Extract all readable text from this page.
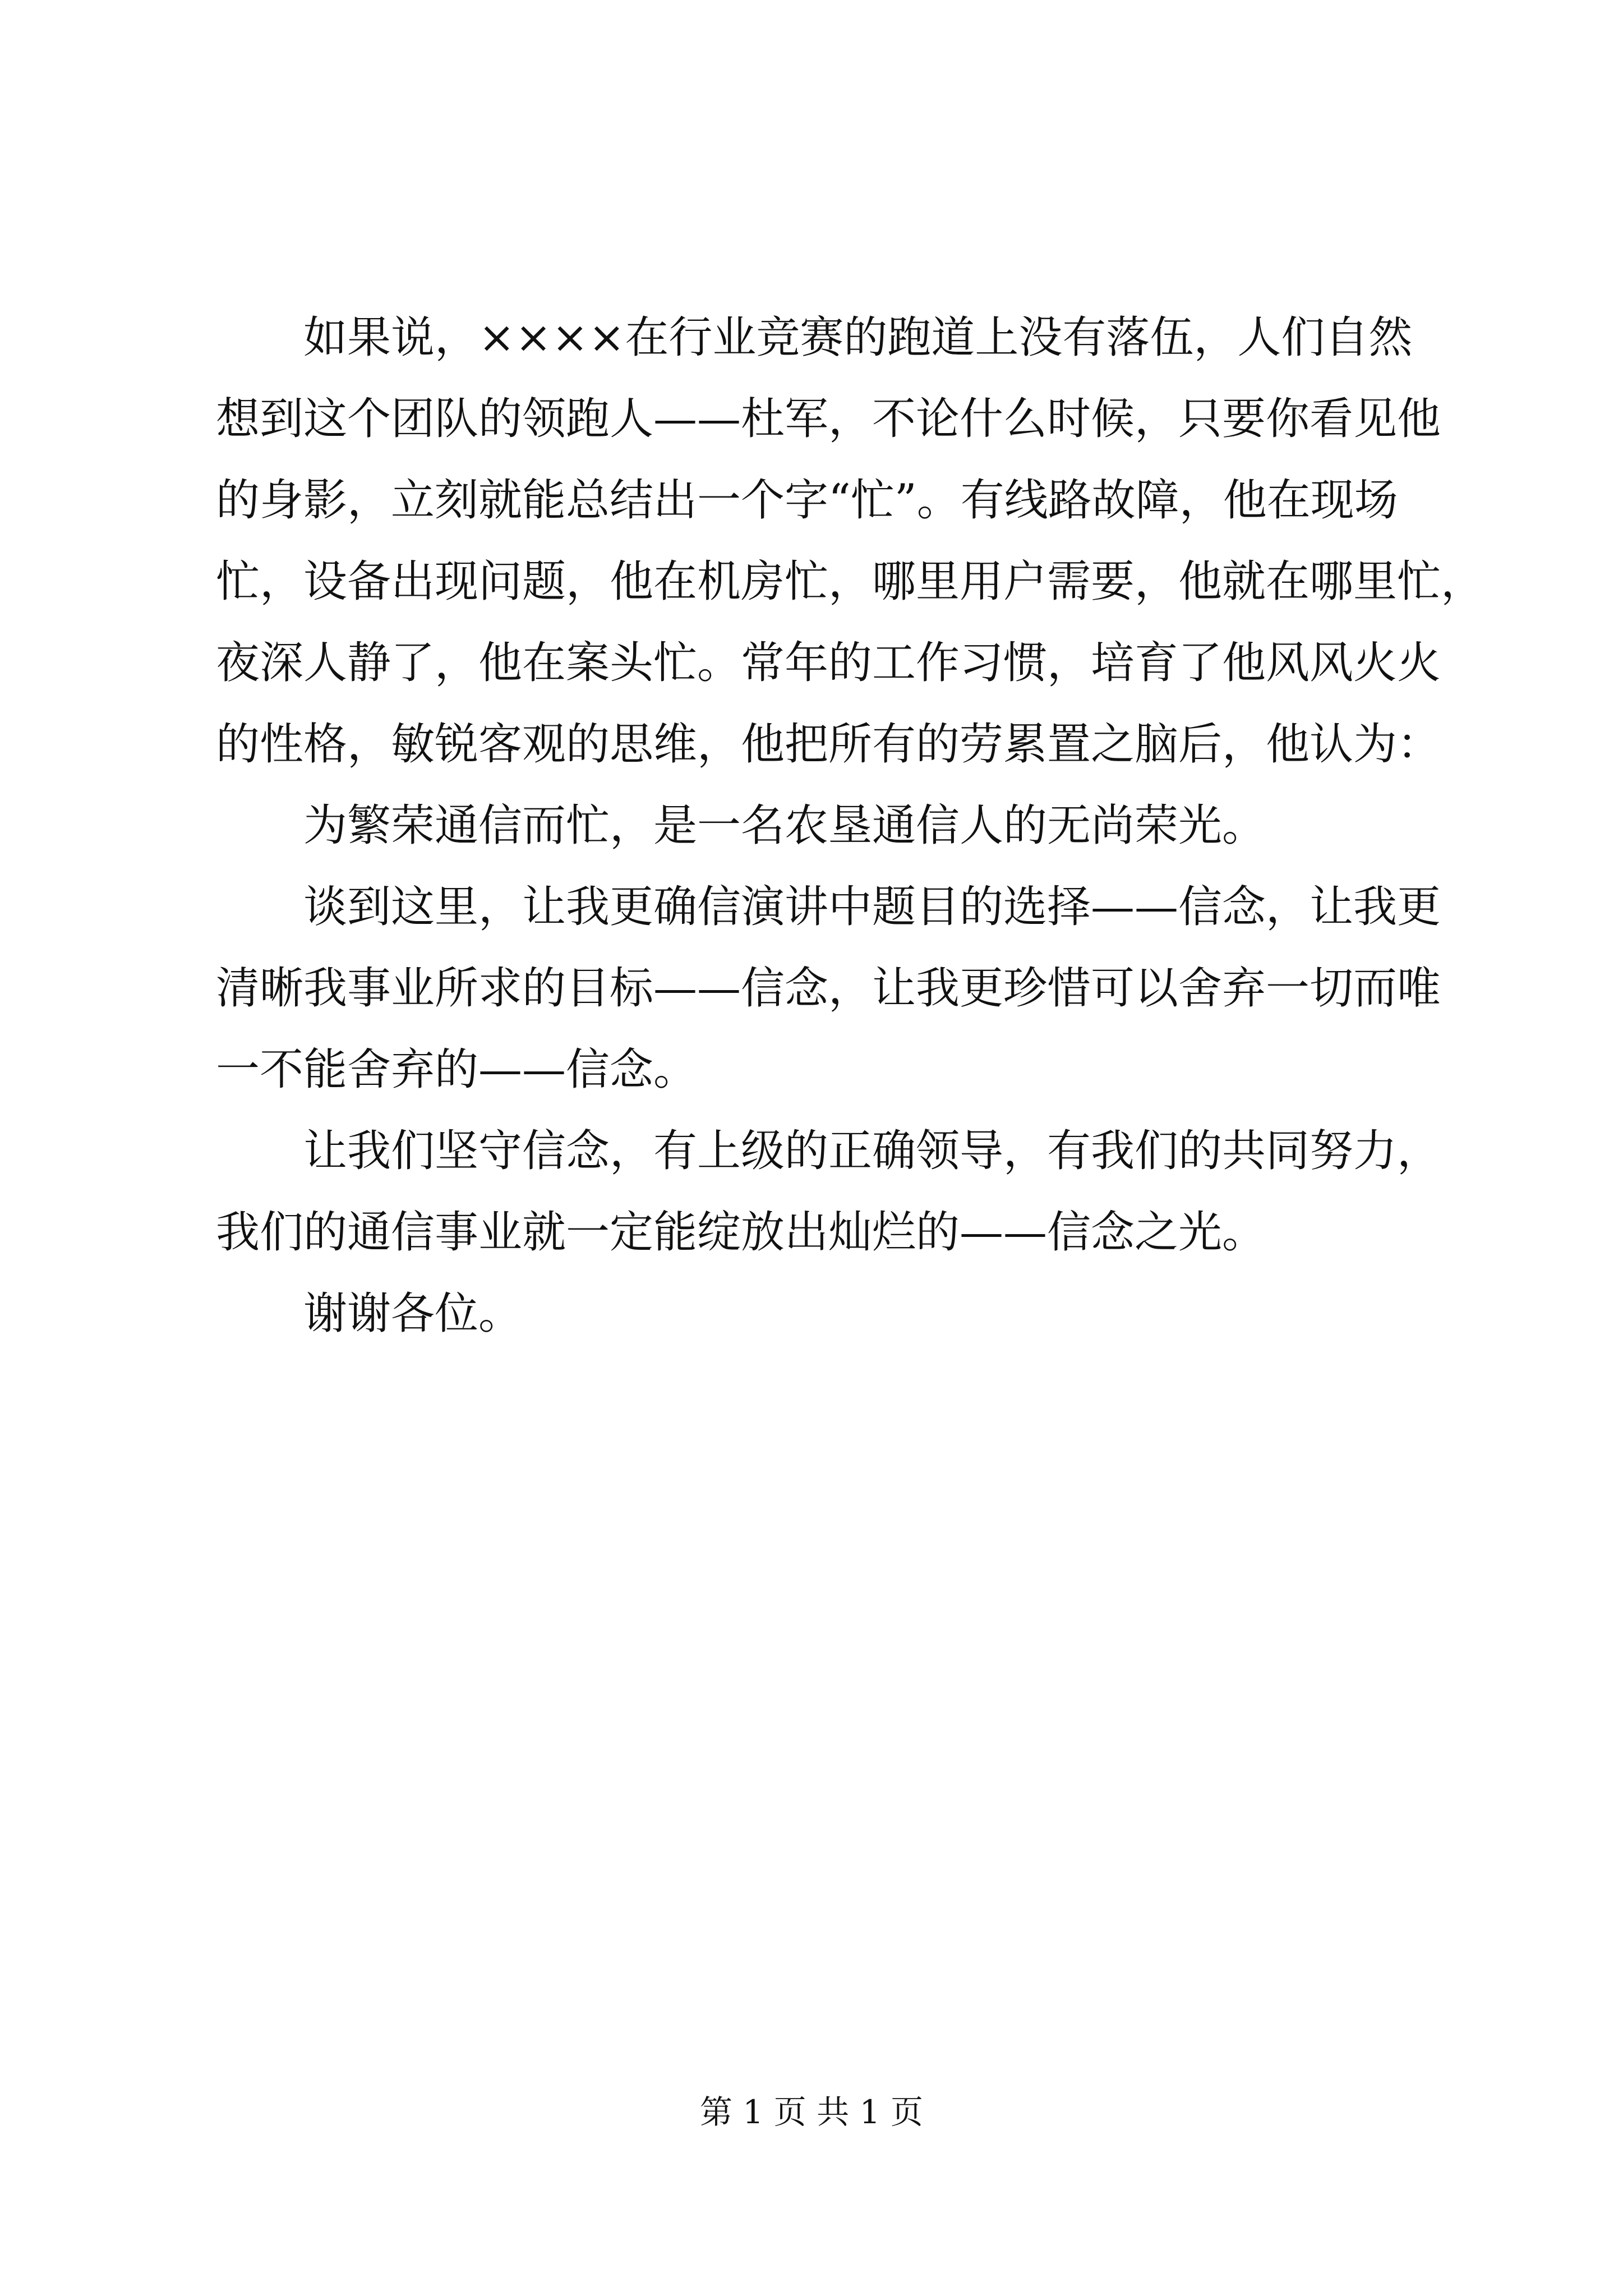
如果说，××××在行业竞赛的跑道上没有落伍，人们自然
想到这个团队的领跑人——杜军，不论什么时候，只要你看见他
的身影，立刻就能总结出一个字“忙”。有线路故障，他在现场
忙，设备出现问题，他在机房忙，哪里用户需要，他就在哪里忙，
夜深人静了，他在案头忙。常年的工作习惯，培育了他风风火火
的性格，敏锐客观的思维，他把所有的劳累置之脑后，他认为：
为繁荣通信而忙，是一名农垦通信人的无尚荣光。
谈到这里，让我更确信演讲中题目的选择——信念，让我更
清晰我事业所求的目标——信念，让我更珍惜可以舍弃一切而唯
一不能舍弃的——信念。
让我们坚守信念，有上级的正确领导，有我们的共同努力，
我们的通信事业就一定能绽放出灿烂的——信念之光。
谢谢各位。
第 1 页 共 1 页
